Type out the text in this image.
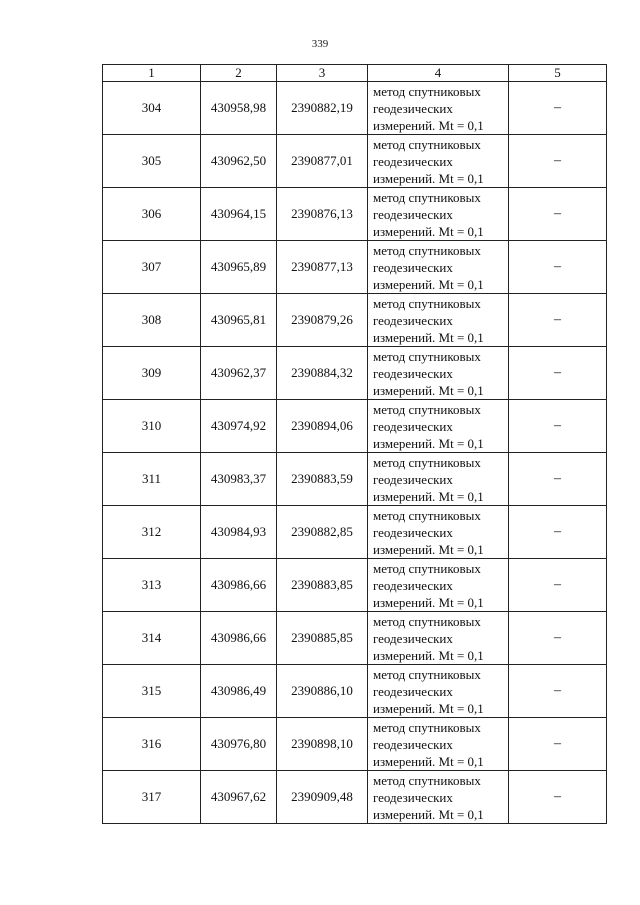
339
1	2	3	4	5
304	430958,98	2390882,19	метод спутниковых
геодезических
измерений. Mt = 0,1	–
305	430962,50	2390877,01	метод спутниковых
геодезических
измерений. Mt = 0,1	–
306	430964,15	2390876,13	метод спутниковых
геодезических
измерений. Mt = 0,1	–
307	430965,89	2390877,13	метод спутниковых
геодезических
измерений. Mt = 0,1	–
308	430965,81	2390879,26	метод спутниковых
геодезических
измерений. Mt = 0,1	–
309	430962,37	2390884,32	метод спутниковых
геодезических
измерений. Mt = 0,1	–
310	430974,92	2390894,06	метод спутниковых
геодезических
измерений. Mt = 0,1	–
311	430983,37	2390883,59	метод спутниковых
геодезических
измерений. Mt = 0,1	–
312	430984,93	2390882,85	метод спутниковых
геодезических
измерений. Mt = 0,1	–
313	430986,66	2390883,85	метод спутниковых
геодезических
измерений. Mt = 0,1	–
314	430986,66	2390885,85	метод спутниковых
геодезических
измерений. Mt = 0,1	–
315	430986,49	2390886,10	метод спутниковых
геодезических
измерений. Mt = 0,1	–
316	430976,80	2390898,10	метод спутниковых
геодезических
измерений. Mt = 0,1	–
317	430967,62	2390909,48	метод спутниковых
геодезических
измерений. Mt = 0,1	–
